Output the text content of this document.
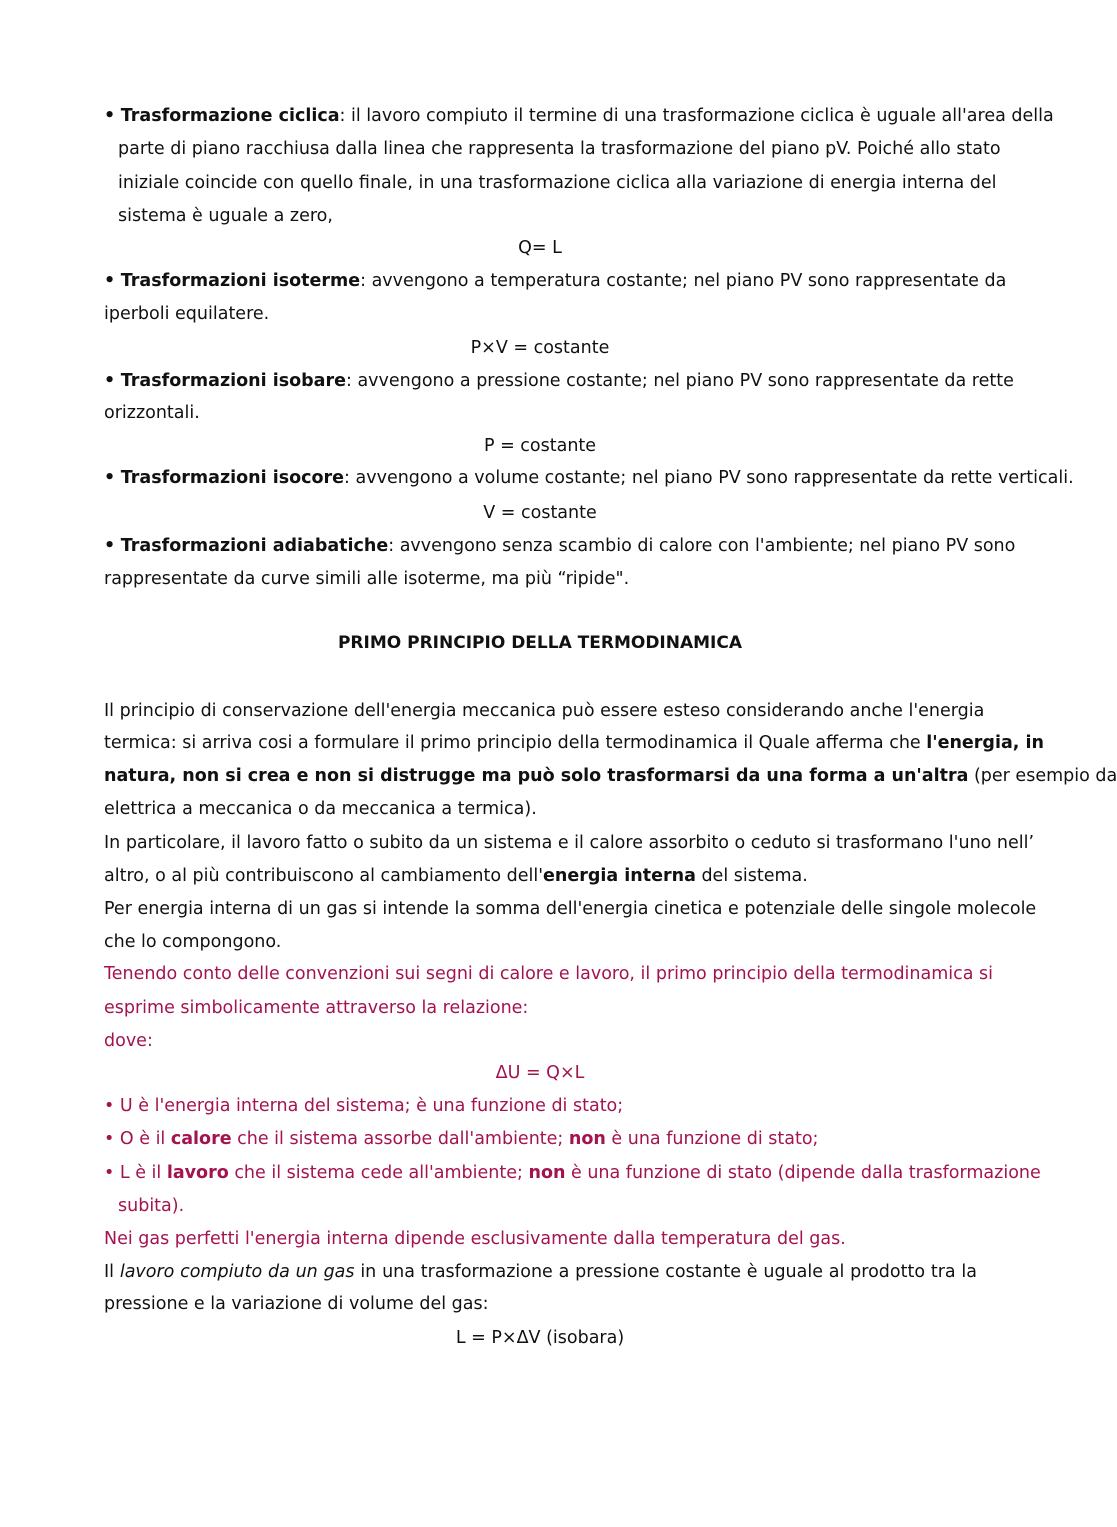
• Trasformazione ciclica: il lavoro compiuto il termine di una trasformazione ciclica è uguale all'area della
parte di piano racchiusa dalla linea che rappresenta la trasformazione del piano pV. Poiché allo stato
iniziale coincide con quello finale, in una trasformazione ciclica alla variazione di energia interna del
sistema è uguale a zero,
Q= L
• Trasformazioni isoterme: avvengono a temperatura costante; nel piano PV sono rappresentate da
iperboli equilatere.
P×V = costante
• Trasformazioni isobare: avvengono a pressione costante; nel piano PV sono rappresentate da rette
orizzontali.
P = costante
• Trasformazioni isocore: avvengono a volume costante; nel piano PV sono rappresentate da rette verticali.
V = costante
• Trasformazioni adiabatiche: avvengono senza scambio di calore con l'ambiente; nel piano PV sono
rappresentate da curve simili alle isoterme, ma più “ripide".
PRIMO PRINCIPIO DELLA TERMODINAMICA
Il principio di conservazione dell'energia meccanica può essere esteso considerando anche l'energia
termica: si arriva cosi a formulare il primo principio della termodinamica il Quale afferma che l'energia, in
natura, non si crea e non si distrugge ma può solo trasformarsi da una forma a un'altra (per esempio da
elettrica a meccanica o da meccanica a termica).
In particolare, il lavoro fatto o subito da un sistema e il calore assorbito o ceduto si trasformano l'uno nell’
altro, o al più contribuiscono al cambiamento dell'energia interna del sistema.
Per energia interna di un gas si intende la somma dell'energia cinetica e potenziale delle singole molecole
che lo compongono.
Tenendo conto delle convenzioni sui segni di calore e lavoro, il primo principio della termodinamica si
esprime simbolicamente attraverso la relazione:
dove:
ΔU = Q×L
• U è l'energia interna del sistema; è una funzione di stato;
• O è il calore che il sistema assorbe dall'ambiente; non è una funzione di stato;
• L è il lavoro che il sistema cede all'ambiente; non è una funzione di stato (dipende dalla trasformazione
subita).
Nei gas perfetti l'energia interna dipende esclusivamente dalla temperatura del gas.
Il lavoro compiuto da un gas in una trasformazione a pressione costante è uguale al prodotto tra la
pressione e la variazione di volume del gas:
L = P×ΔV (isobara)
